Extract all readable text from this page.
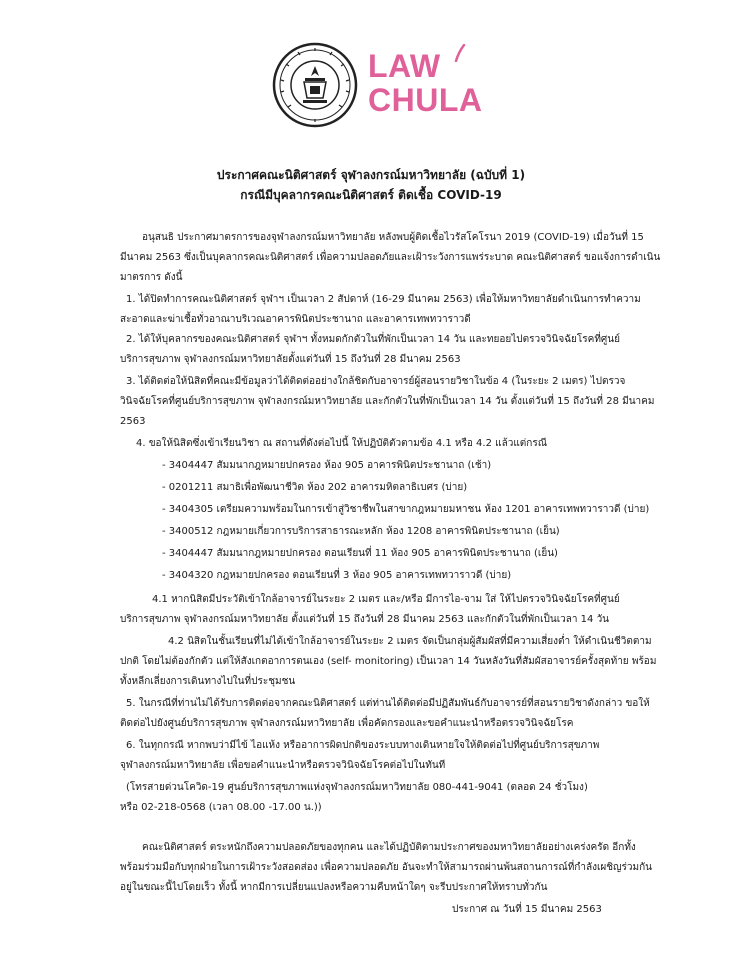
LAW
CHULA
ประกาศคณะนิติศาสตร์ จุฬาลงกรณ์มหาวิทยาลัย (ฉบับที่ 1)
กรณีมีบุคลากรคณะนิติศาสตร์ ติดเชื้อ COVID-19
อนุสนธิ ประกาศมาตรการของจุฬาลงกรณ์มหาวิทยาลัย หลังพบผู้ติดเชื้อไวรัสโคโรนา 2019 (COVID-19) เมื่อวันที่ 15
มีนาคม 2563 ซึ่งเป็นบุคลากรคณะนิติศาสตร์ เพื่อความปลอดภัยและเฝ้าระวังการแพร่ระบาด คณะนิติศาสตร์ ขอแจ้งการดำเนิน
มาตรการ ดังนี้
1. ได้ปิดทำการคณะนิติศาสตร์ จุฬาฯ เป็นเวลา 2 สัปดาห์ (16-29 มีนาคม 2563) เพื่อให้มหาวิทยาลัยดำเนินการทำความ
สะอาดและฆ่าเชื้อทั่วอาณาบริเวณอาคารพินิตประชานาถ และอาคารเทพทวาราวดี
2. ได้ให้บุคลากรของคณะนิติศาสตร์ จุฬาฯ ทั้งหมดกักตัวในที่พักเป็นเวลา 14 วัน และทยอยไปตรวจวินิจฉัยโรคที่ศูนย์
บริการสุขภาพ จุฬาลงกรณ์มหาวิทยาลัยตั้งแต่วันที่ 15 ถึงวันที่ 28 มีนาคม 2563
3. ได้ติดต่อให้นิสิตที่คณะมีข้อมูลว่าได้ติดต่ออย่างใกล้ชิดกับอาจารย์ผู้สอนรายวิชาในข้อ 4 (ในระยะ 2 เมตร) ไปตรวจ
วินิจฉัยโรคที่ศูนย์บริการสุขภาพ จุฬาลงกรณ์มหาวิทยาลัย และกักตัวในที่พักเป็นเวลา 14 วัน ตั้งแต่วันที่ 15 ถึงวันที่ 28 มีนาคม
2563
4. ขอให้นิสิตซึ่งเข้าเรียนวิชา ณ สถานที่ดังต่อไปนี้ ให้ปฏิบัติตัวตามข้อ 4.1 หรือ 4.2 แล้วแต่กรณี
- 3404447 สัมมนากฎหมายปกครอง ห้อง 905 อาคารพินิตประชานาถ (เช้า)
- 0201211 สมาธิเพื่อพัฒนาชีวิต ห้อง 202 อาคารมหิตลาธิเบศร (บ่าย)
- 3404305 เตรียมความพร้อมในการเข้าสู่วิชาชีพในสาขากฎหมายมหาชน ห้อง 1201 อาคารเทพทวาราวดี (บ่าย)
- 3400512 กฎหมายเกี่ยวการบริการสาธารณะหลัก ห้อง 1208 อาคารพินิตประชานาถ (เย็น)
- 3404447 สัมมนากฎหมายปกครอง ตอนเรียนที่ 11 ห้อง 905 อาคารพินิตประชานาถ (เย็น)
- 3404320 กฎหมายปกครอง ตอนเรียนที่ 3 ห้อง 905 อาคารเทพทวาราวดี (บ่าย)
4.1 หากนิสิตมีประวัติเข้าใกล้อาจารย์ในระยะ 2 เมตร และ/หรือ มีการไอ-จาม ใส่ ให้ไปตรวจวินิจฉัยโรคที่ศูนย์
บริการสุขภาพ จุฬาลงกรณ์มหาวิทยาลัย ตั้งแต่วันที่ 15 ถึงวันที่ 28 มีนาคม 2563 และกักตัวในที่พักเป็นเวลา 14 วัน
4.2 นิสิตในชั้นเรียนที่ไม่ได้เข้าใกล้อาจารย์ในระยะ 2 เมตร จัดเป็นกลุ่มผู้สัมผัสที่มีความเสี่ยงต่ำ ให้ดำเนินชีวิตตาม
ปกติ โดยไม่ต้องกักตัว แต่ให้สังเกตอาการตนเอง (self- monitoring) เป็นเวลา 14 วันหลังวันที่สัมผัสอาจารย์ครั้งสุดท้าย พร้อม
ทั้งหลีกเลี่ยงการเดินทางไปในที่ประชุมชน
5. ในกรณีที่ท่านไม่ได้รับการติดต่อจากคณะนิติศาสตร์ แต่ท่านได้ติดต่อมีปฏิสัมพันธ์กับอาจารย์ที่สอนรายวิชาดังกล่าว ขอให้
ติดต่อไปยังศูนย์บริการสุขภาพ จุฬาลงกรณ์มหาวิทยาลัย เพื่อคัดกรองและขอคำแนะนำหรือตรวจวินิจฉัยโรค
6. ในทุกกรณี หากพบว่ามีไข้ ไอแห้ง หรืออาการผิดปกติของระบบทางเดินหายใจให้ติดต่อไปที่ศูนย์บริการสุขภาพ
จุฬาลงกรณ์มหาวิทยาลัย เพื่อขอคำแนะนำหรือตรวจวินิจฉัยโรคต่อไปในทันที
(โทรสายด่วนโควิด-19 ศูนย์บริการสุขภาพแห่งจุฬาลงกรณ์มหาวิทยาลัย 080-441-9041 (ตลอด 24 ชั่วโมง)
หรือ 02-218-0568 (เวลา 08.00 -17.00 น.))
คณะนิติศาสตร์ ตระหนักถึงความปลอดภัยของทุกคน และได้ปฏิบัติตามประกาศของมหาวิทยาลัยอย่างเคร่งครัด อีกทั้ง
พร้อมร่วมมือกับทุกฝ่ายในการเฝ้าระวังสอดส่อง เพื่อความปลอดภัย อันจะทำให้สามารถผ่านพ้นสถานการณ์ที่กำลังเผชิญร่วมกัน
อยู่ในขณะนี้ไปโดยเร็ว ทั้งนี้ หากมีการเปลี่ยนแปลงหรือความคืบหน้าใดๆ จะรีบประกาศให้ทราบทั่วกัน
ประกาศ ณ วันที่ 15 มีนาคม 2563
